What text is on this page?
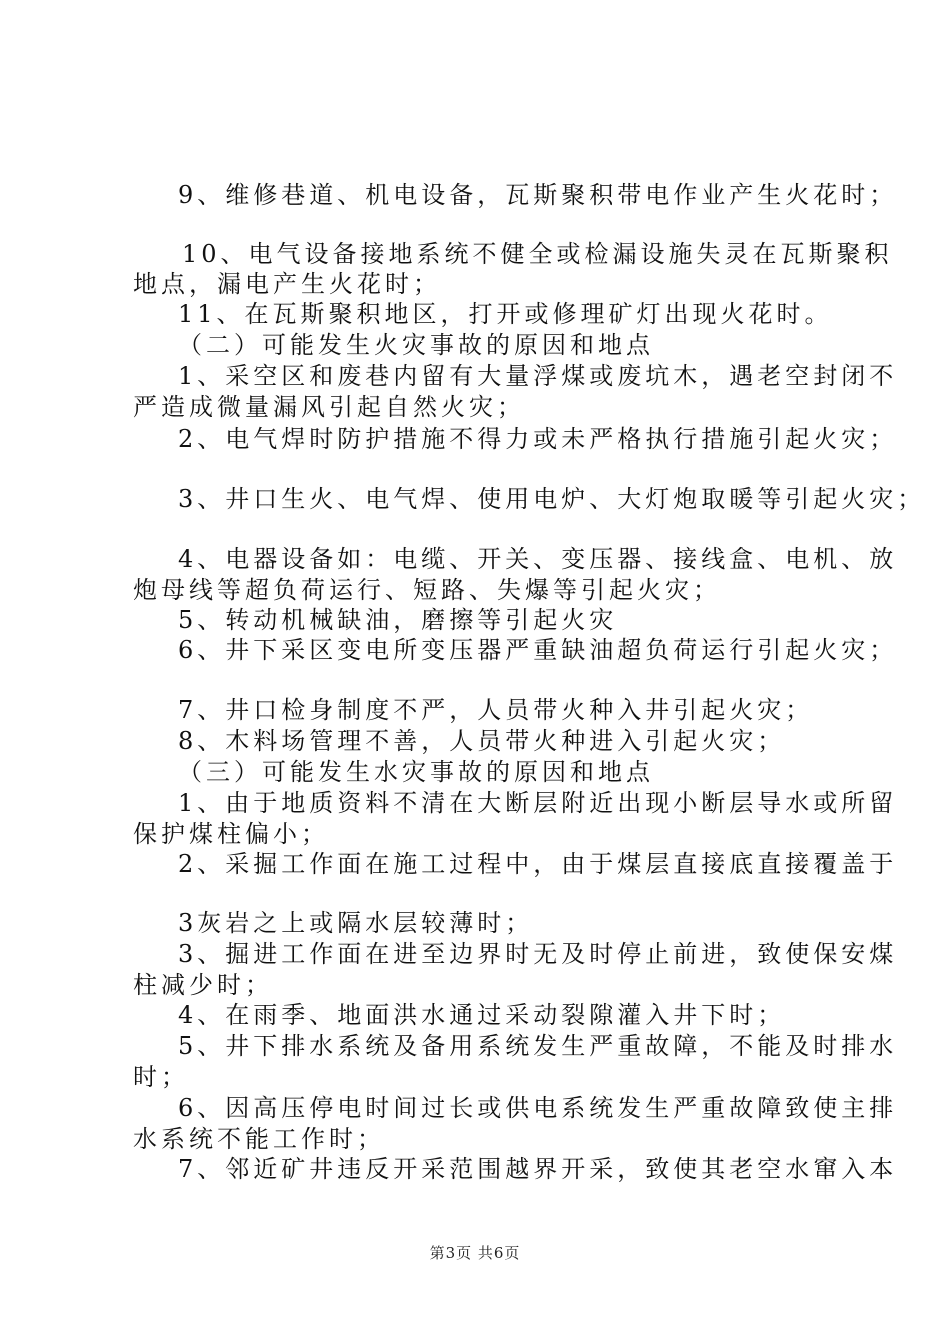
9、维修巷道、机电设备，瓦斯聚积带电作业产生火花时；
10、电气设备接地系统不健全或检漏设施失灵在瓦斯聚积
地点，漏电产生火花时；
11、在瓦斯聚积地区，打开或修理矿灯出现火花时。
（二）可能发生火灾事故的原因和地点
1、采空区和废巷内留有大量浮煤或废坑木，遇老空封闭不
严造成微量漏风引起自然火灾；
2、电气焊时防护措施不得力或未严格执行措施引起火灾；
3、井口生火、电气焊、使用电炉、大灯炮取暖等引起火灾；
4、电器设备如：电缆、开关、变压器、接线盒、电机、放
炮母线等超负荷运行、短路、失爆等引起火灾；
5、转动机械缺油，磨擦等引起火灾
6、井下采区变电所变压器严重缺油超负荷运行引起火灾；
7、井口检身制度不严，人员带火种入井引起火灾；
8、木料场管理不善，人员带火种进入引起火灾；
（三）可能发生水灾事故的原因和地点
1、由于地质资料不清在大断层附近出现小断层导水或所留
保护煤柱偏小；
2、采掘工作面在施工过程中，由于煤层直接底直接覆盖于
3灰岩之上或隔水层较薄时；
3、掘进工作面在进至边界时无及时停止前进，致使保安煤
柱减少时；
4、在雨季、地面洪水通过采动裂隙灌入井下时；
5、井下排水系统及备用系统发生严重故障，不能及时排水
时；
6、因高压停电时间过长或供电系统发生严重故障致使主排
水系统不能工作时；
7、邻近矿井违反开采范围越界开采，致使其老空水窜入本
第3页 共6页
